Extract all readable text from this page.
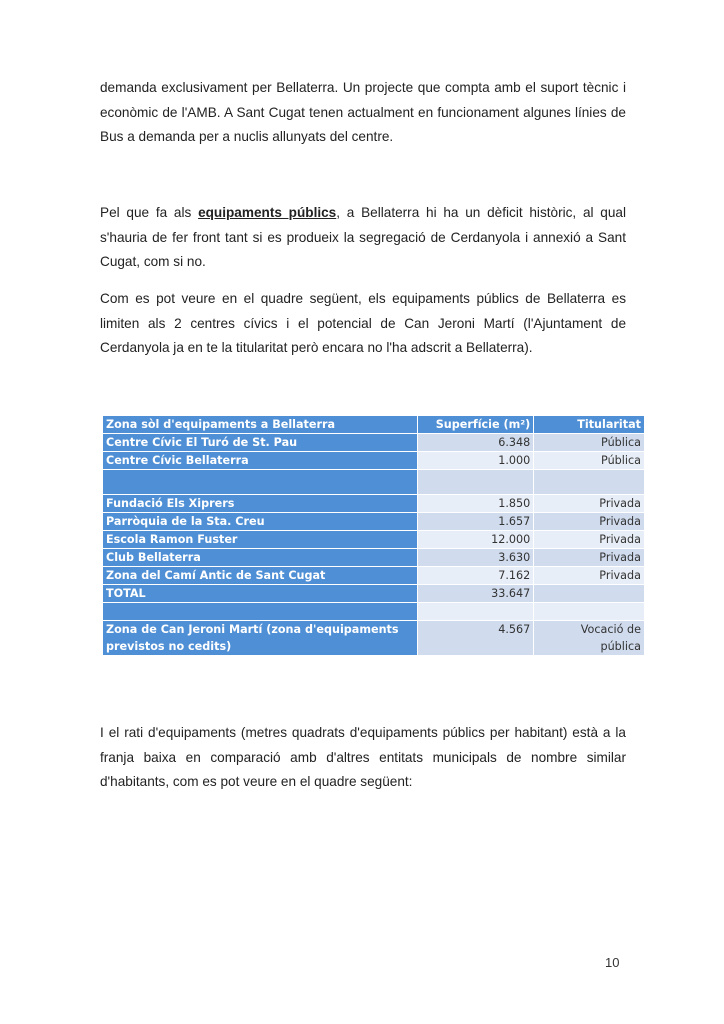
demanda exclusivament per Bellaterra. Un projecte que compta amb el suport tècnic i econòmic de l'AMB. A Sant Cugat tenen actualment en funcionament algunes línies de Bus a demanda per a nuclis allunyats del centre.

Pel que fa als equipaments públics, a Bellaterra hi ha un dèficit històric, al qual s'hauria de fer front tant si es produeix la segregació de Cerdanyola i annexió a Sant Cugat, com si no.

Com es pot veure en el quadre següent, els equipaments públics de Bellaterra es limiten als 2 centres cívics i el potencial de Can Jeroni Martí (l'Ajuntament de Cerdanyola ja en te la titularitat però encara no l'ha adscrit a Bellaterra).

Zona sòl d'equipaments a Bellaterra	Superfície (m²)	Titularitat
Centre Cívic El Turó de St. Pau	6.348	Pública
Centre Cívic Bellaterra	1.000	Pública

Fundació Els Xiprers	1.850	Privada
Parròquia de la Sta. Creu	1.657	Privada
Escola Ramon Fuster	12.000	Privada
Club Bellaterra	3.630	Privada
Zona del Camí Antic de Sant Cugat	7.162	Privada
TOTAL	33.647	

Zona de Can Jeroni Martí (zona d'equipaments previstos no cedits)	4.567	Vocació de pública

I el rati d'equipaments (metres quadrats d'equipaments públics per habitant) està a la franja baixa en comparació amb d'altres entitats municipals de nombre similar d'habitants, com es pot veure en el quadre següent:

10
